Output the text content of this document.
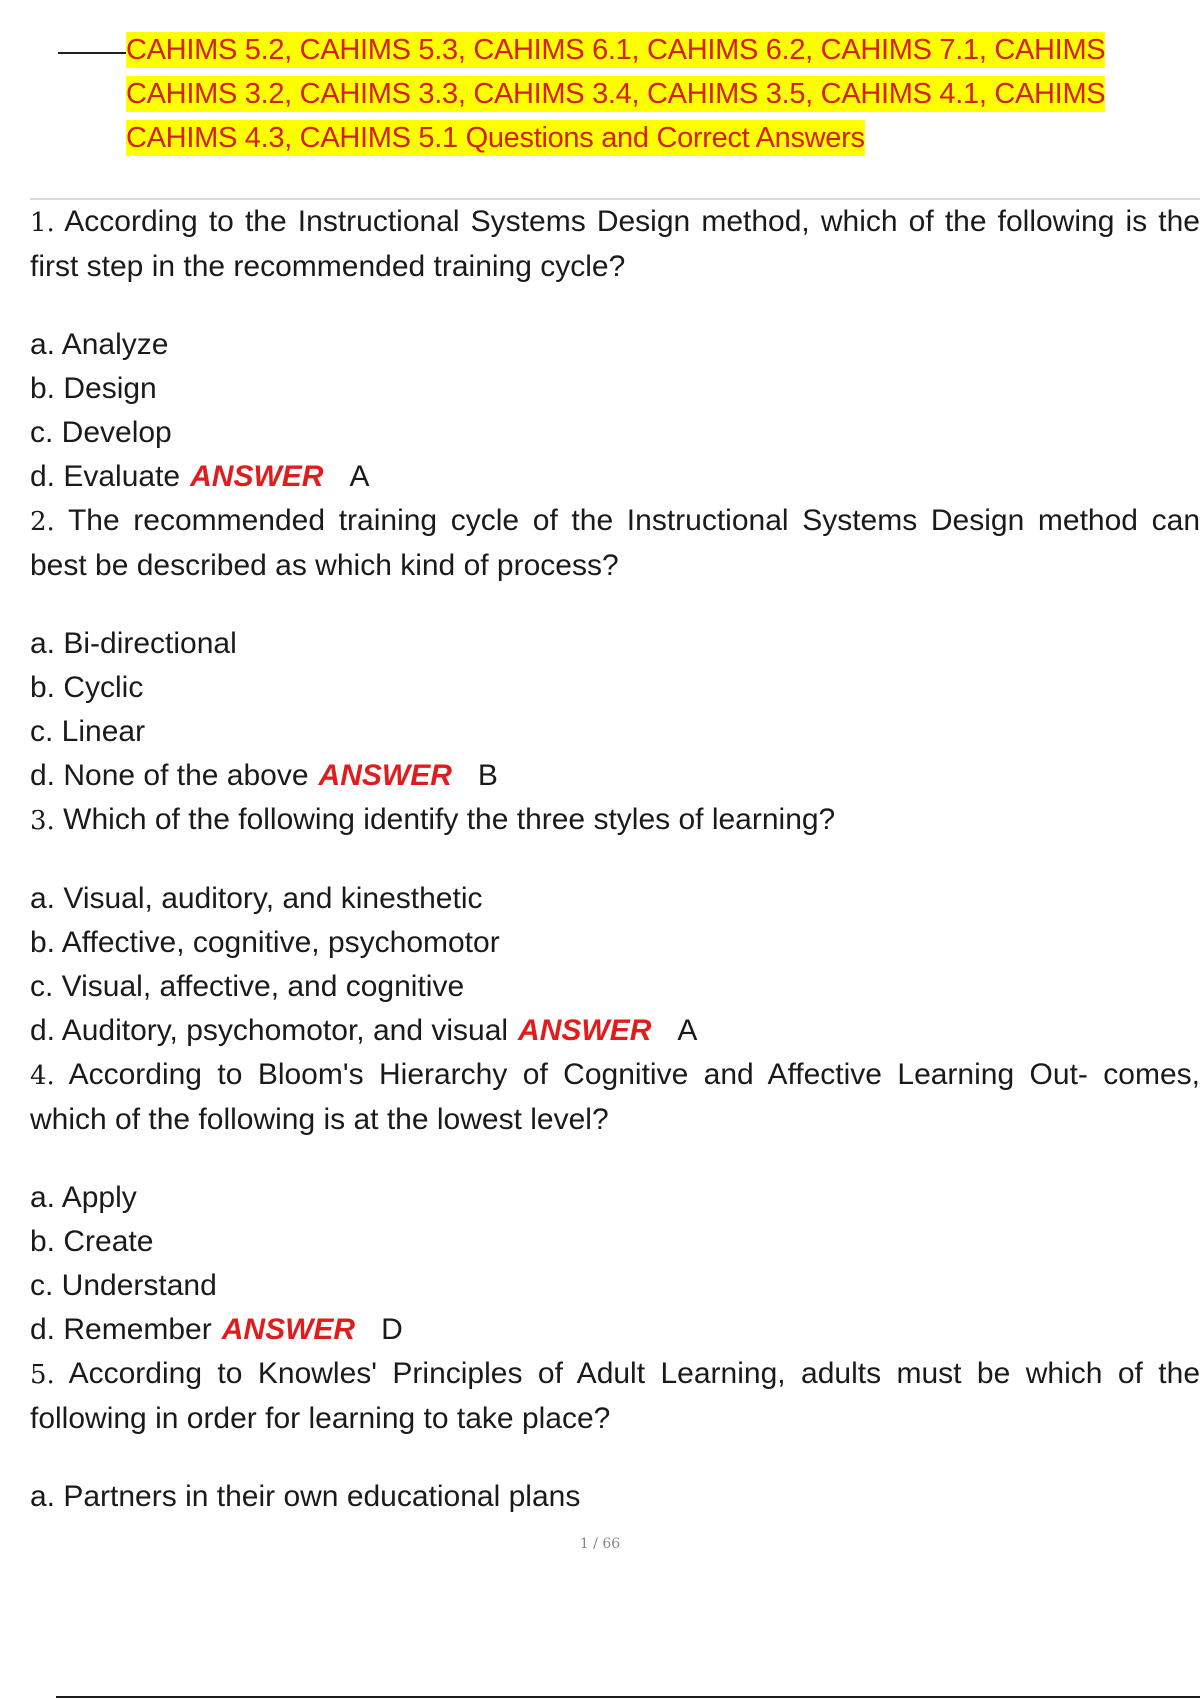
CAHIMS 5.2, CAHIMS 5.3, CAHIMS 6.1, CAHIMS 6.2, CAHIMS 7.1, CAHIMS
CAHIMS 3.2, CAHIMS 3.3, CAHIMS 3.4, CAHIMS 3.5, CAHIMS 4.1, CAHIMS
CAHIMS 4.3, CAHIMS 5.1 Questions and Correct Answers

1. According to the Instructional Systems Design method, which of the following is the first step in the recommended training cycle?

a. Analyze

b. Design

c. Develop

d. Evaluate ANSWER A

2. The recommended training cycle of the Instructional Systems Design method can best be described as which kind of process?

a. Bi-directional

b. Cyclic

c. Linear

d. None of the above ANSWER B

3. Which of the following identify the three styles of learning?

a. Visual, auditory, and kinesthetic

b. Affective, cognitive, psychomotor

c. Visual, affective, and cognitive

d. Auditory, psychomotor, and visual ANSWER A

4. According to Bloom's Hierarchy of Cognitive and Affective Learning Out- comes, which of the following is at the lowest level?

a. Apply

b. Create

c. Understand

d. Remember ANSWER D

5. According to Knowles' Principles of Adult Learning, adults must be which of the following in order for learning to take place?

a. Partners in their own educational plans

1 / 66
